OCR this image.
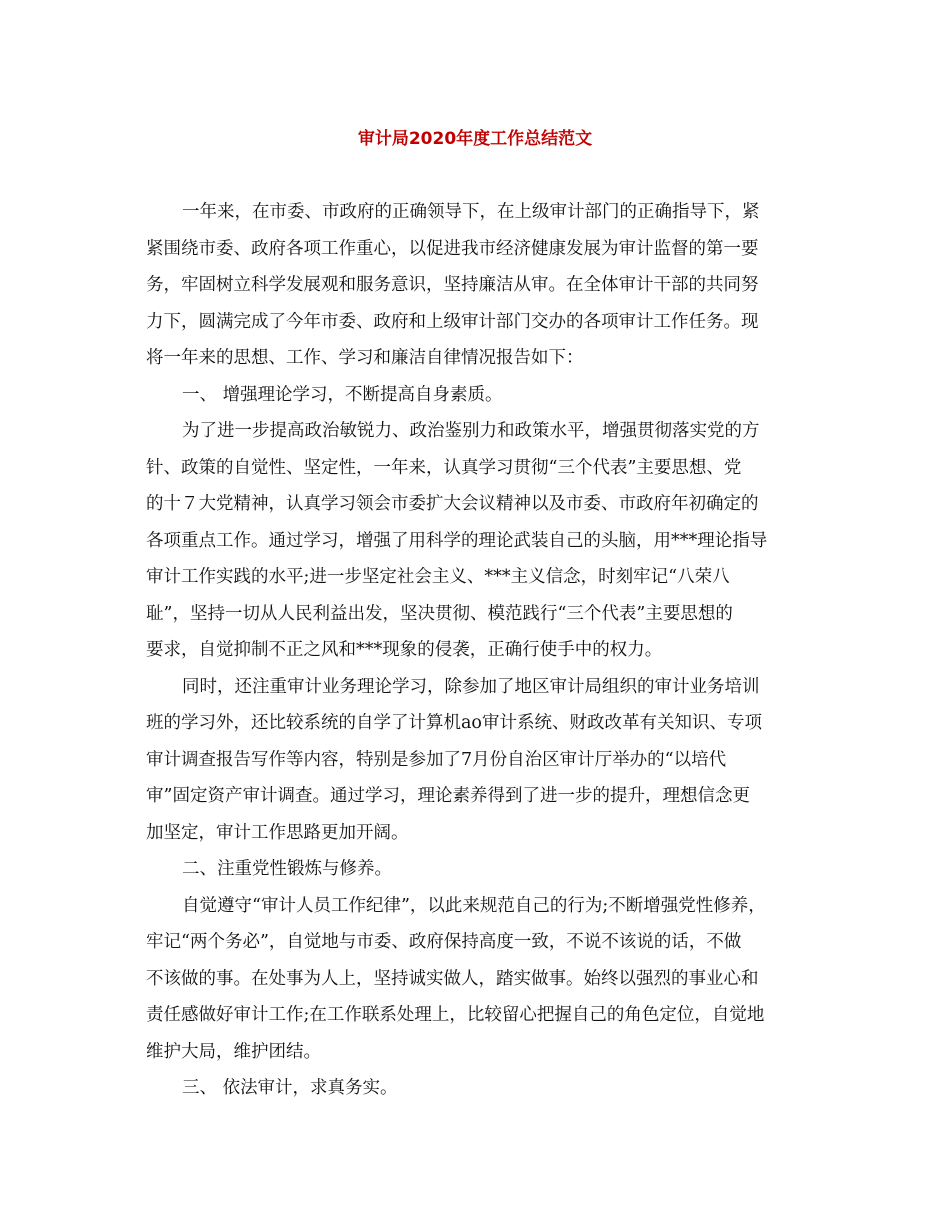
审计局2020年度工作总结范文
一年来，在市委、市政府的正确领导下，在上级审计部门的正确指导下，紧
紧围绕市委、政府各项工作重心，以促进我市经济健康发展为审计监督的第一要
务，牢固树立科学发展观和服务意识，坚持廉洁从审。在全体审计干部的共同努
力下，圆满完成了今年市委、政府和上级审计部门交办的各项审计工作任务。现
将一年来的思想、工作、学习和廉洁自律情况报告如下：
一、 增强理论学习，不断提高自身素质。
为了进一步提高政治敏锐力、政治鉴别力和政策水平，增强贯彻落实党的方
针、政策的自觉性、坚定性，一年来，认真学习贯彻“三个代表”主要思想、党
的十７大党精神，认真学习领会市委扩大会议精神以及市委、市政府年初确定的
各项重点工作。通过学习，增强了用科学的理论武装自己的头脑，用***理论指导
审计工作实践的水平;进一步坚定社会主义、***主义信念，时刻牢记“八荣八
耻”，坚持一切从人民利益出发，坚决贯彻、模范践行“三个代表”主要思想的
要求，自觉抑制不正之风和***现象的侵袭，正确行使手中的权力。
同时，还注重审计业务理论学习，除参加了地区审计局组织的审计业务培训
班的学习外，还比较系统的自学了计算机ao审计系统、财政改革有关知识、专项
审计调查报告写作等内容，特别是参加了7月份自治区审计厅举办的“以培代
审”固定资产审计调查。通过学习，理论素养得到了进一步的提升，理想信念更
加坚定，审计工作思路更加开阔。
二、注重党性锻炼与修养。
自觉遵守“审计人员工作纪律”，以此来规范自己的行为;不断增强党性修养，
牢记“两个务必”，自觉地与市委、政府保持高度一致，不说不该说的话，不做
不该做的事。在处事为人上，坚持诚实做人，踏实做事。始终以强烈的事业心和
责任感做好审计工作;在工作联系处理上，比较留心把握自己的角色定位，自觉地
维护大局，维护团结。
三、 依法审计，求真务实。
